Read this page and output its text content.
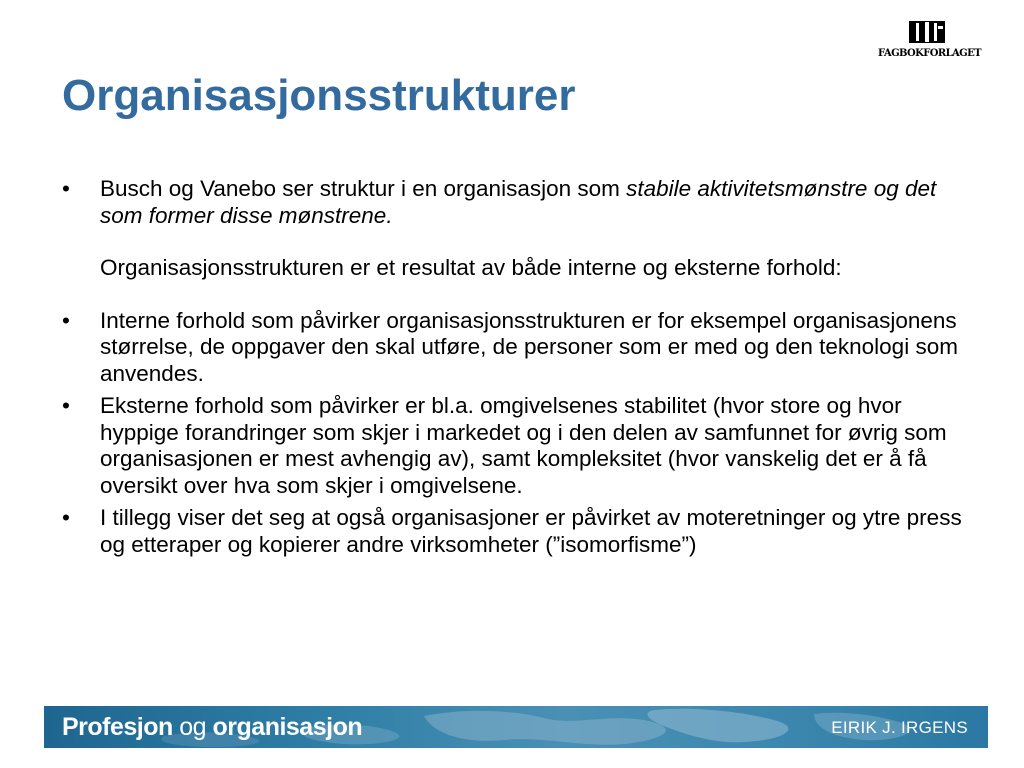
FAGBOKFORLAGET
Organisasjonsstrukturer
• Busch og Vanebo ser struktur i en organisasjon som stabile aktivitetsmønstre og det som former disse mønstrene.
Organisasjonsstrukturen er et resultat av både interne og eksterne forhold:
• Interne forhold som påvirker organisasjonsstrukturen er for eksempel organisasjonens størrelse, de oppgaver den skal utføre, de personer som er med og den teknologi som anvendes.
• Eksterne forhold som påvirker er bl.a. omgivelsenes stabilitet (hvor store og hvor hyppige forandringer som skjer i markedet og i den delen av samfunnet for øvrig som organisasjonen er mest avhengig av), samt kompleksitet (hvor vanskelig det er å få oversikt over hva som skjer i omgivelsene.
• I tillegg viser det seg at også organisasjoner er påvirket av moteretninger og ytre press og etteraper og kopierer andre virksomheter (”isomorfisme”)
Profesjon og organisasjon	EIRIK J. IRGENS
